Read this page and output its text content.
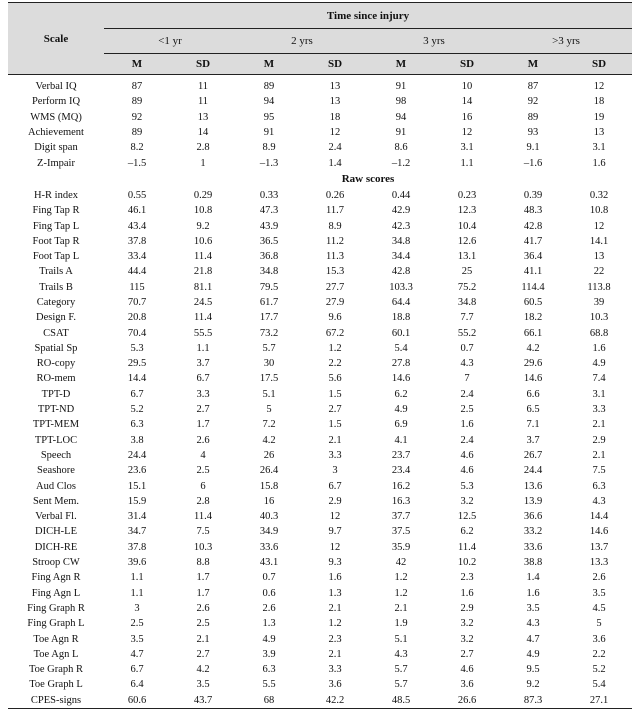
Scale	Time since injury							
	<1 yr		2 yrs		3 yrs		>3 yrs	
	M	SD	M	SD	M	SD	M	SD

Verbal IQ	87	11	89	13	91	10	87	12
Perform IQ	89	11	94	13	98	14	92	18
WMS (MQ)	92	13	95	18	94	16	89	19
Achievement	89	14	91	12	91	12	93	13
Digit span	8.2	2.8	8.9	2.4	8.6	3.1	9.1	3.1
Z-Impair	–1.5	1	–1.3	1.4	–1.2	1.1	–1.6	1.6
	Raw scores							
H-R index	0.55	0.29	0.33	0.26	0.44	0.23	0.39	0.32
Fing Tap R	46.1	10.8	47.3	11.7	42.9	12.3	48.3	10.8
Fing Tap L	43.4	9.2	43.9	8.9	42.3	10.4	42.8	12
Foot Tap R	37.8	10.6	36.5	11.2	34.8	12.6	41.7	14.1
Foot Tap L	33.4	11.4	36.8	11.3	34.4	13.1	36.4	13
Trails A	44.4	21.8	34.8	15.3	42.8	25	41.1	22
Trails B	115	81.1	79.5	27.7	103.3	75.2	114.4	113.8
Category	70.7	24.5	61.7	27.9	64.4	34.8	60.5	39
Design F.	20.8	11.4	17.7	9.6	18.8	7.7	18.2	10.3
CSAT	70.4	55.5	73.2	67.2	60.1	55.2	66.1	68.8
Spatial Sp	5.3	1.1	5.7	1.2	5.4	0.7	4.2	1.6
RO-copy	29.5	3.7	30	2.2	27.8	4.3	29.6	4.9
RO-mem	14.4	6.7	17.5	5.6	14.6	7	14.6	7.4
TPT-D	6.7	3.3	5.1	1.5	6.2	2.4	6.6	3.1
TPT-ND	5.2	2.7	5	2.7	4.9	2.5	6.5	3.3
TPT-MEM	6.3	1.7	7.2	1.5	6.9	1.6	7.1	2.1
TPT-LOC	3.8	2.6	4.2	2.1	4.1	2.4	3.7	2.9
Speech	24.4	4	26	3.3	23.7	4.6	26.7	2.1
Seashore	23.6	2.5	26.4	3	23.4	4.6	24.4	7.5
Aud Clos	15.1	6	15.8	6.7	16.2	5.3	13.6	6.3
Sent Mem.	15.9	2.8	16	2.9	16.3	3.2	13.9	4.3
Verbal Fl.	31.4	11.4	40.3	12	37.7	12.5	36.6	14.4
DICH-LE	34.7	7.5	34.9	9.7	37.5	6.2	33.2	14.6
DICH-RE	37.8	10.3	33.6	12	35.9	11.4	33.6	13.7
Stroop CW	39.6	8.8	43.1	9.3	42	10.2	38.8	13.3
Fing Agn R	1.1	1.7	0.7	1.6	1.2	2.3	1.4	2.6
Fing Agn L	1.1	1.7	0.6	1.3	1.2	1.6	1.6	3.5
Fing Graph R	3	2.6	2.6	2.1	2.1	2.9	3.5	4.5
Fing Graph L	2.5	2.5	1.3	1.2	1.9	3.2	4.3	5
Toe Agn R	3.5	2.1	4.9	2.3	5.1	3.2	4.7	3.6
Toe Agn L	4.7	2.7	3.9	2.1	4.3	2.7	4.9	2.2
Toe Graph R	6.7	4.2	6.3	3.3	5.7	4.6	9.5	5.2
Toe Graph L	6.4	3.5	5.5	3.6	5.7	3.6	9.2	5.4
CPES-signs	60.6	43.7	68	42.2	48.5	26.6	87.3	27.1
